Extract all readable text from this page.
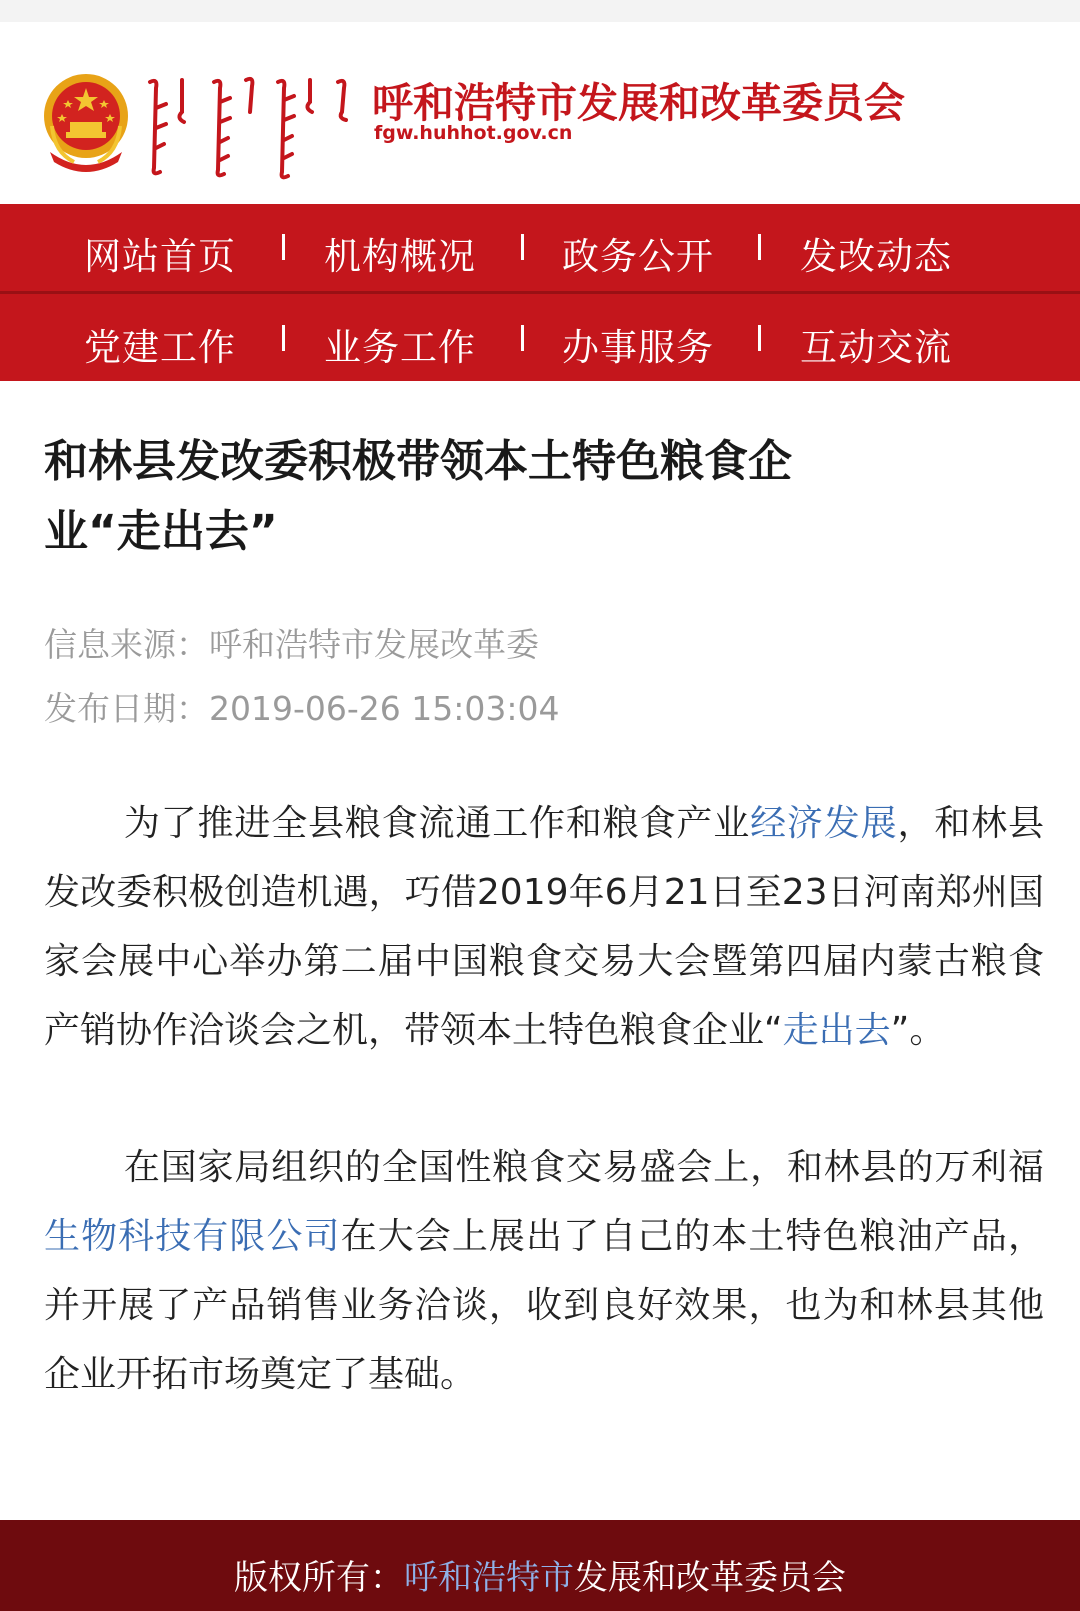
呼和浩特市发展和改革委员会
fgw.huhhot.gov.cn
网站首页 机构概况 政务公开 发改动态
党建工作 业务工作 办事服务 互动交流
和林县发改委积极带领本土特色粮食企
业“走出去”
信息来源：呼和浩特市发展改革委
发布日期：2019-06-26 15:03:04

为了推进全县粮食流通工作和粮食产业经济发展，和林县发改委积极创造机遇，巧借2019年6月21日至23日河南郑州国家会展中心举办第二届中国粮食交易大会暨第四届内蒙古粮食产销协作洽谈会之机，带领本土特色粮食企业“走出去”。

在国家局组织的全国性粮食交易盛会上，和林县的万利福生物科技有限公司在大会上展出了自己的本土特色粮油产品，并开展了产品销售业务洽谈，收到良好效果，也为和林县其他企业开拓市场奠定了基础。

版权所有：呼和浩特市发展和改革委员会
